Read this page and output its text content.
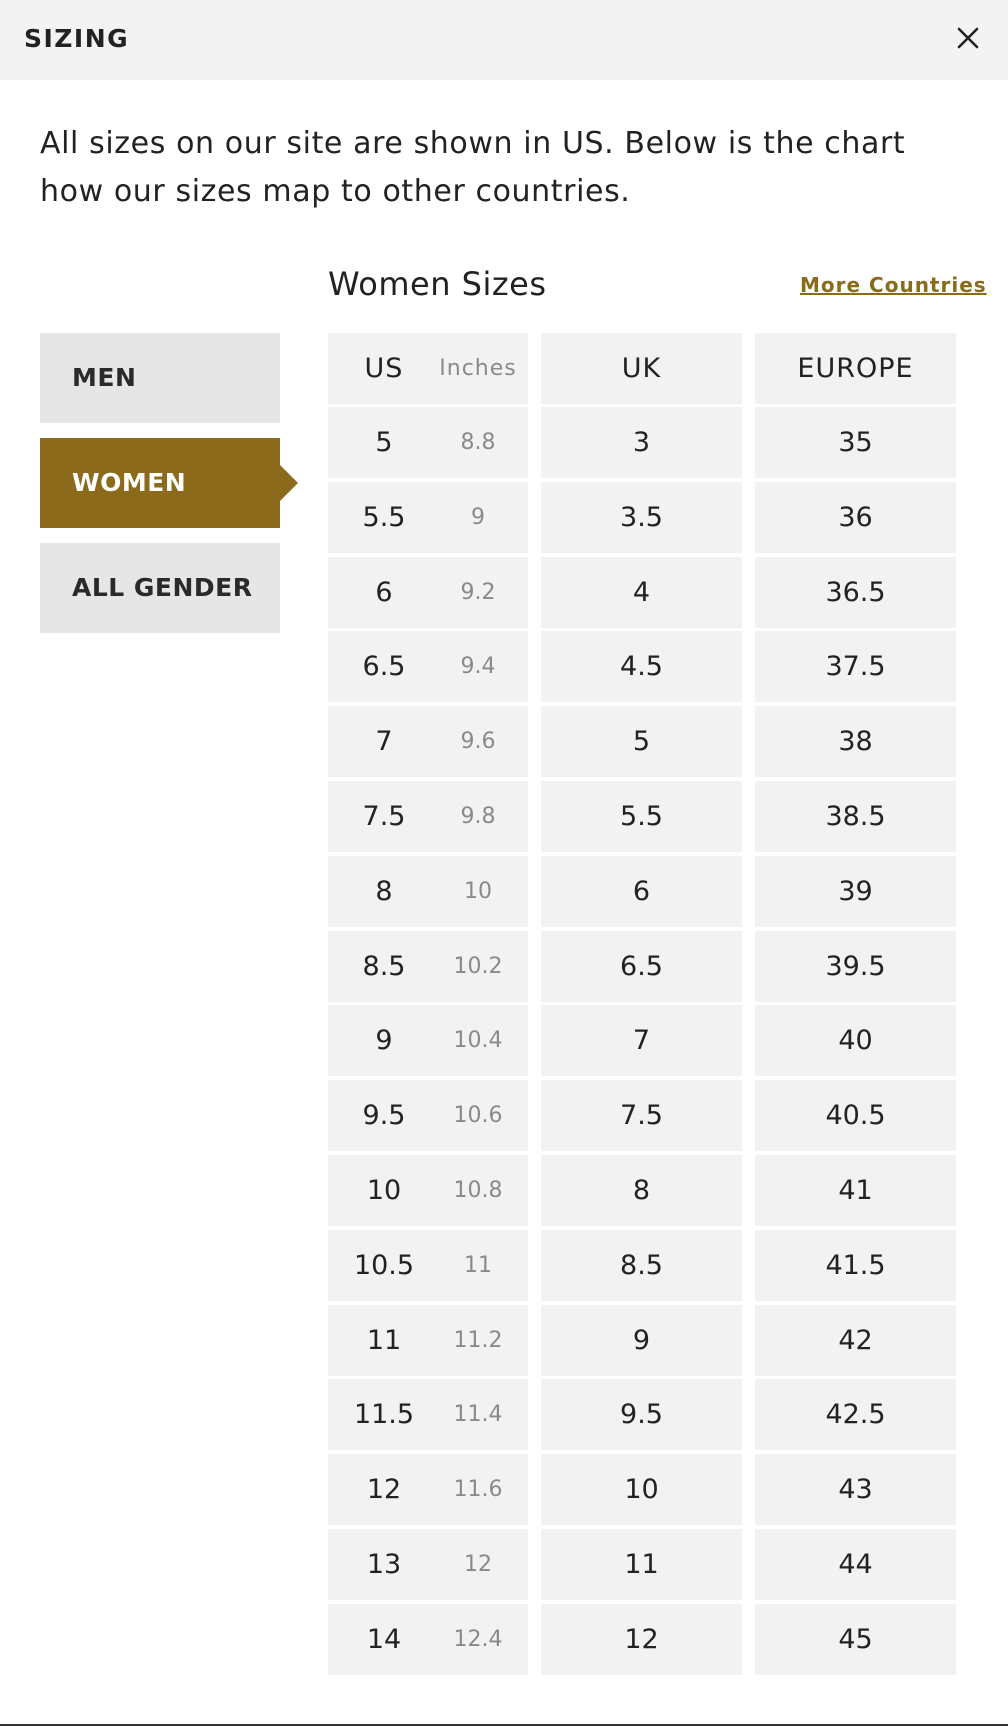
SIZING

All sizes on our site are shown in US. Below is the chart how our sizes map to other countries.

MEN
WOMEN
ALL GENDER
Women Sizes	More Countries
US	Inches	UK	EUROPE
5	8.8	3	35
5.5	9	3.5	36
6	9.2	4	36.5
6.5	9.4	4.5	37.5
7	9.6	5	38
7.5	9.8	5.5	38.5
8	10	6	39
8.5	10.2	6.5	39.5
9	10.4	7	40
9.5	10.6	7.5	40.5
10	10.8	8	41
10.5	11	8.5	41.5
11	11.2	9	42
11.5	11.4	9.5	42.5
12	11.6	10	43
13	12	11	44
14	12.4	12	45
